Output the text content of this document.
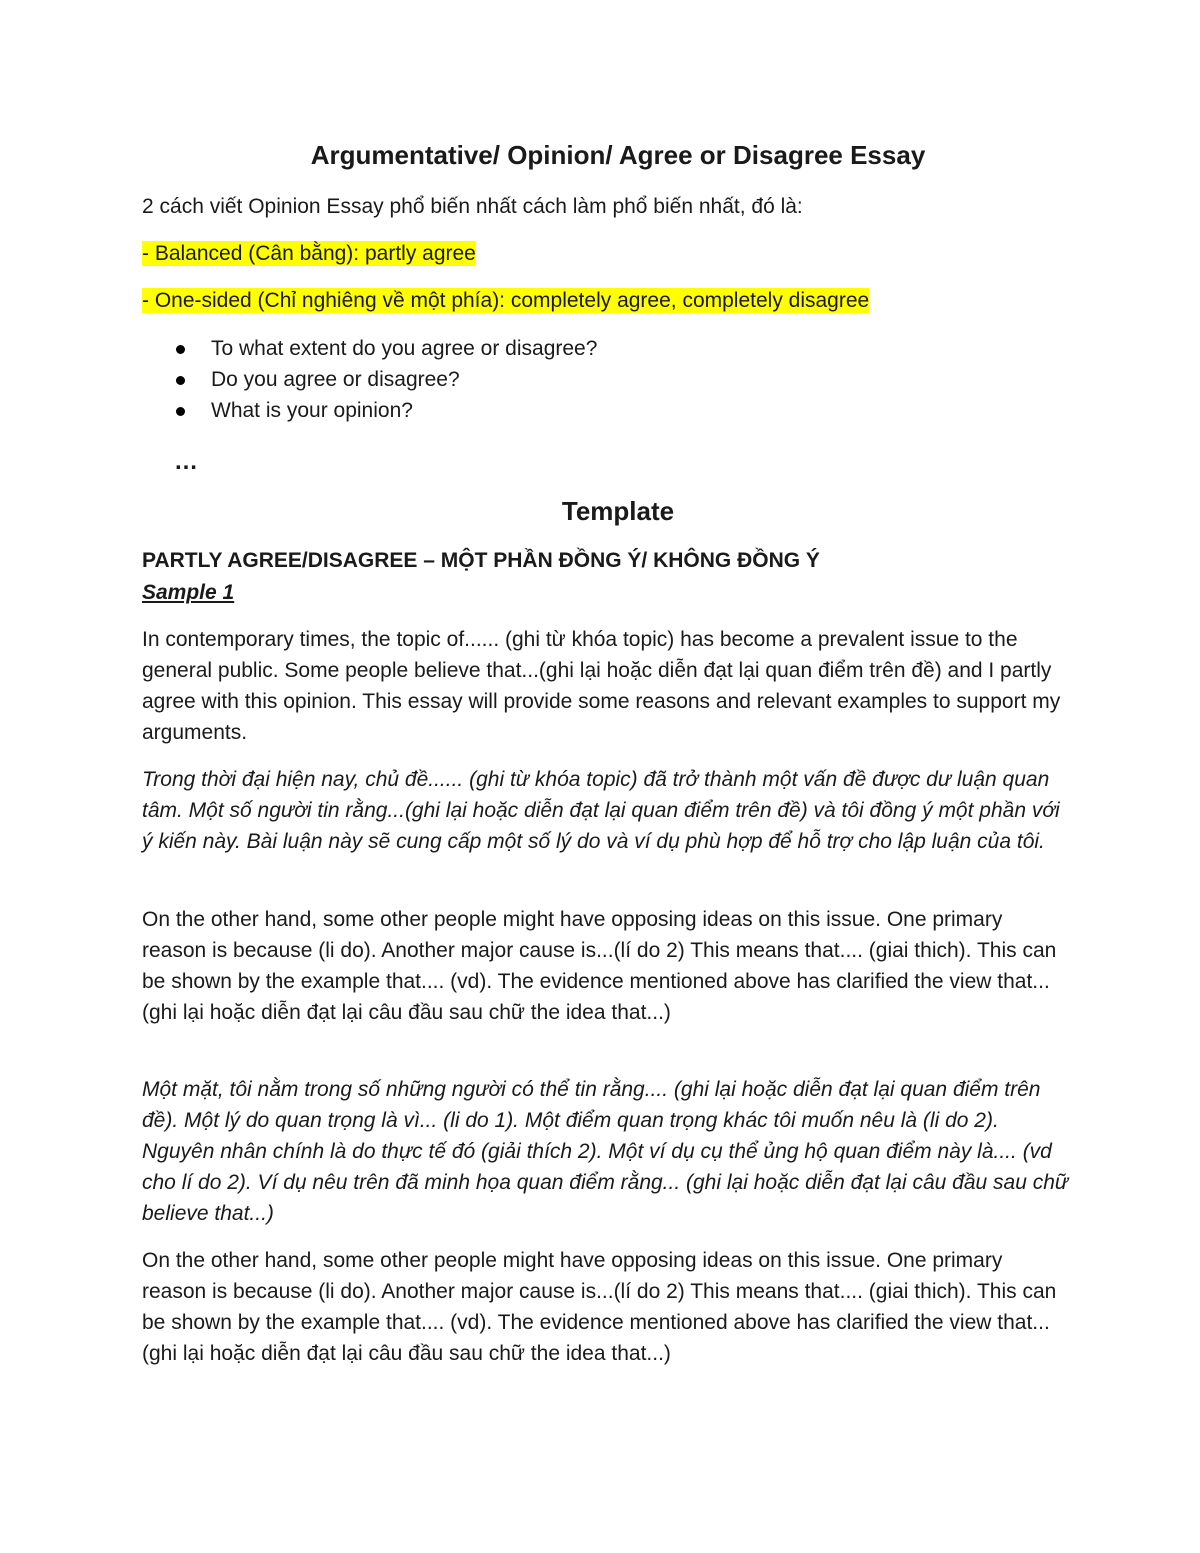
Argumentative/ Opinion/ Agree or Disagree Essay

2 cách viết Opinion Essay phổ biến nhất cách làm phổ biến nhất, đó là:

- Balanced (Cân bằng): partly agree

- One-sided (Chỉ nghiêng về một phía): completely agree, completely disagree

To what extent do you agree or disagree?
Do you agree or disagree?
What is your opinion?

…

Template

PARTLY AGREE/DISAGREE – MỘT PHẦN ĐỒNG Ý/ KHÔNG ĐỒNG Ý

Sample 1

In contemporary times, the topic of...... (ghi từ khóa topic) has become a prevalent issue to the general public. Some people believe that...(ghi lại hoặc diễn đạt lại quan điểm trên đề) and I partly agree with this opinion. This essay will provide some reasons and relevant examples to support my arguments.

Trong thời đại hiện nay, chủ đề...... (ghi từ khóa topic) đã trở thành một vấn đề được dư luận quan tâm. Một số người tin rằng...(ghi lại hoặc diễn đạt lại quan điểm trên đề) và tôi đồng ý một phần với ý kiến này. Bài luận này sẽ cung cấp một số lý do và ví dụ phù hợp để hỗ trợ cho lập luận của tôi.

On the other hand, some other people might have opposing ideas on this issue. One primary reason is because (li do). Another major cause is...(lí do 2) This means that.... (giai thich). This can be shown by the example that.... (vd). The evidence mentioned above has clarified the view that...(ghi lại hoặc diễn đạt lại câu đầu sau chữ the idea that...)

Một mặt, tôi nằm trong số những người có thể tin rằng.... (ghi lại hoặc diễn đạt lại quan điểm trên đề). Một lý do quan trọng là vì... (li do 1). Một điểm quan trọng khác tôi muốn nêu là (li do 2). Nguyên nhân chính là do thực tế đó (giải thích 2). Một ví dụ cụ thể ủng hộ quan điểm này là.... (vd cho lí do 2). Ví dụ nêu trên đã minh họa quan điểm rằng... (ghi lại hoặc diễn đạt lại câu đầu sau chữ believe that...)

On the other hand, some other people might have opposing ideas on this issue. One primary reason is because (li do). Another major cause is...(lí do 2) This means that.... (giai thich). This can be shown by the example that.... (vd). The evidence mentioned above has clarified the view that...(ghi lại hoặc diễn đạt lại câu đầu sau chữ the idea that...)
